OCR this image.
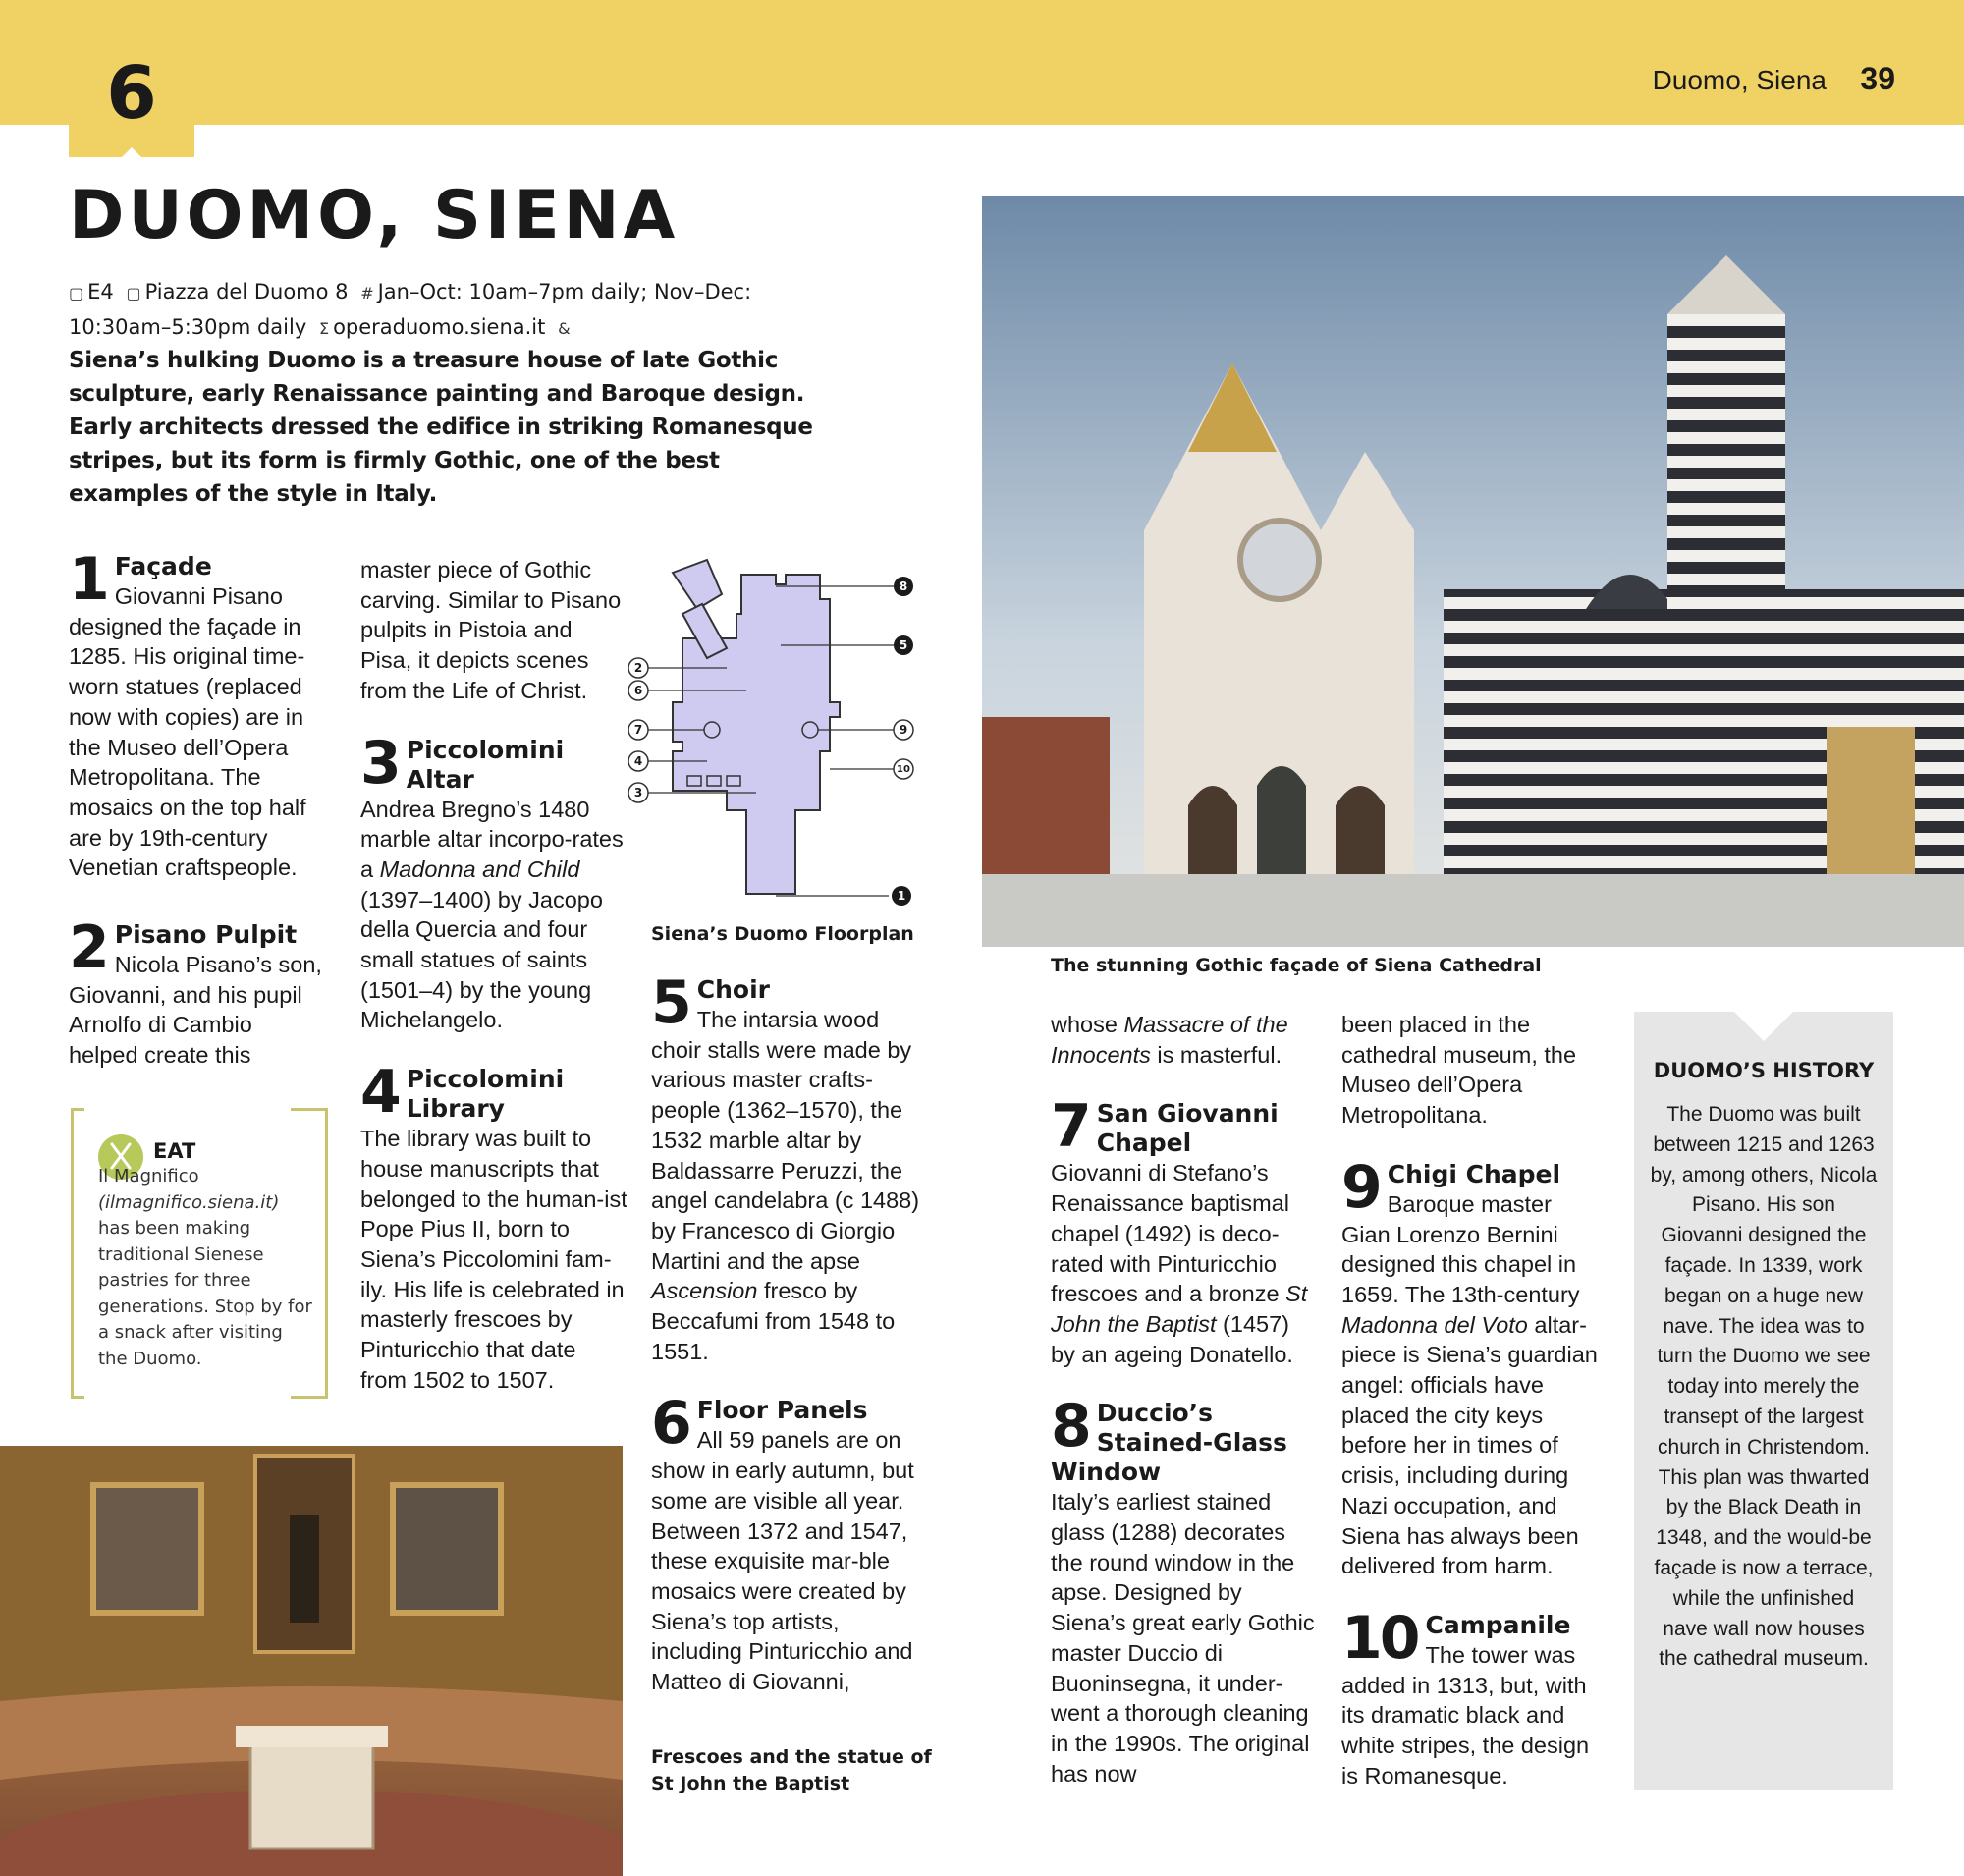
6	Duomo, Siena 39
DUOMO, SIENA
▢ E4 ▢ Piazza del Duomo 8 # Jan–Oct: 10am–7pm daily; Nov–Dec: 10:30am–5:30pm daily Σ operaduomo.siena.it &

Siena’s hulking Duomo is a treasure house of late Gothic sculpture, early Renaissance painting and Baroque design. Early architects dressed the edifice in striking Romanesque stripes, but its form is firmly Gothic, one of the best examples of the style in Italy.

1 Façade

Giovanni Pisano designed the façade in 1285. His original time-worn statues (replaced now with copies) are in the Museo dell’Opera Metropolitana. The mosaics on the top half are by 19th-century Venetian craftspeople.

2 Pisano Pulpit

Nicola Pisano’s son, Giovanni, and his pupil Arnolfo di Cambio helped create this

EAT
Il Magnifico
(ilmagnifico.siena.it) has been making traditional Sienese pastries for three generations. Stop by for a snack after visiting the Duomo.

master piece of Gothic carving. Similar to Pisano pulpits in Pistoia and Pisa, it depicts scenes from the Life of Christ.

3 Piccolomini Altar

Andrea Bregno’s 1480 marble altar incorpo-rates a Madonna and Child (1397–1400) by Jacopo della Quercia and four small statues of saints (1501–4) by the young Michelangelo.

4 Piccolomini Library

The library was built to house manuscripts that belonged to the human-ist Pope Pius II, born to Siena’s Piccolomini fam-ily. His life is celebrated in masterly frescoes by Pinturicchio that date from 1502 to 1507.

8
5
2
6
7	9
4
10
3
1
Siena’s Duomo Floorplan
5 Choir

The intarsia wood choir stalls were made by various master crafts-people (1362–1570), the 1532 marble altar by Baldassarre Peruzzi, the angel candelabra (c 1488) by Francesco di Giorgio Martini and the apse Ascension fresco by Beccafumi from 1548 to 1551.

6 Floor Panels

All 59 panels are on show in early autumn, but some are visible all year. Between 1372 and 1547, these exquisite mar-ble mosaics were created by Siena’s top artists, including Pinturicchio and Matteo di Giovanni,

Frescoes and the statue of St John the Baptist
The stunning Gothic façade of Siena Cathedral

whose Massacre of the Innocents is masterful.

7 San Giovanni Chapel

Giovanni di Stefano’s Renaissance baptismal chapel (1492) is deco-rated with Pinturicchio frescoes and a bronze St John the Baptist (1457) by an ageing Donatello.

8 Duccio’s Stained-Glass Window

Italy’s earliest stained glass (1288) decorates the round window in the apse. Designed by Siena’s great early Gothic master Duccio di Buoninsegna, it under-went a thorough cleaning in the 1990s. The original has now

been placed in the cathedral museum, the Museo dell’Opera Metropolitana.

9 Chigi Chapel

Baroque master Gian Lorenzo Bernini designed this chapel in 1659. The 13th-century Madonna del Voto altar-piece is Siena’s guardian angel: officials have placed the city keys before her in times of crisis, including during Nazi occupation, and Siena has always been delivered from harm.

10 Campanile

The tower was added in 1313, but, with its dramatic black and white stripes, the design is Romanesque.

DUOMO’S HISTORY
The Duomo was built between 1215 and 1263 by, among others, Nicola Pisano. His son Giovanni designed the façade. In 1339, work began on a huge new nave. The idea was to turn the Duomo we see today into merely the transept of the largest church in Christendom. This plan was thwarted by the Black Death in 1348, and the would-be façade is now a terrace, while the unfinished nave wall now houses the cathedral museum.
